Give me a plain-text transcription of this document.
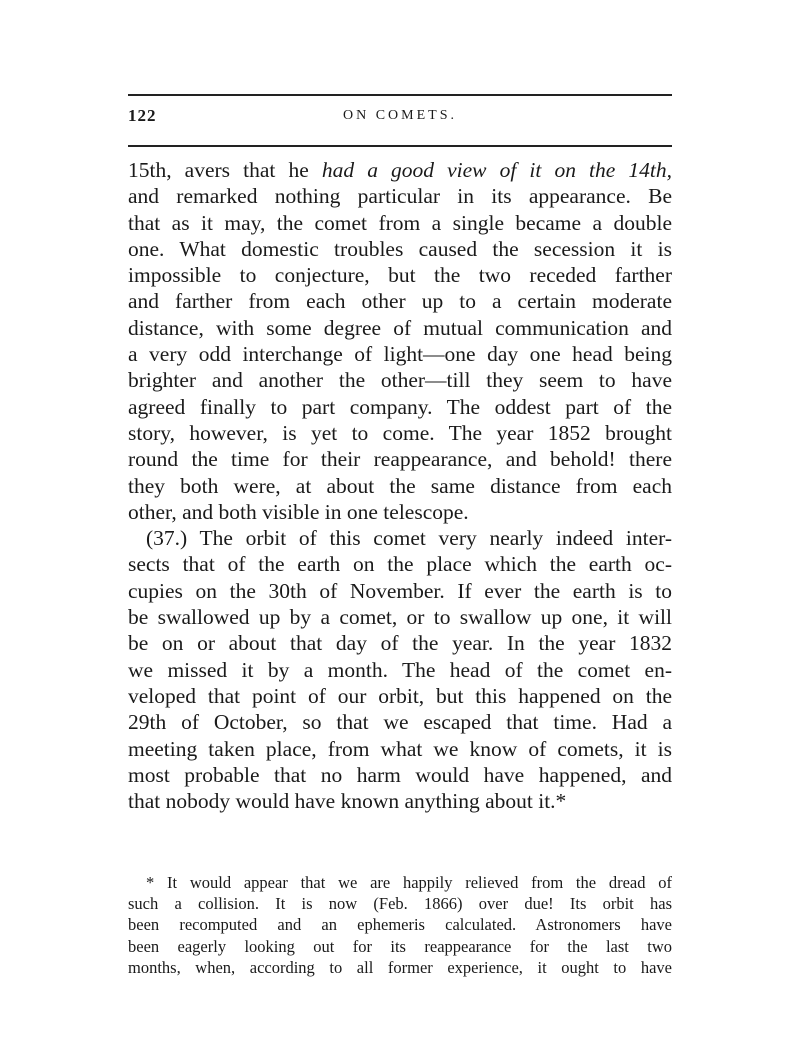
122	ON COMETS.
15th, avers that he had a good view of it on the 14th,
and remarked nothing particular in its appearance. Be
that as it may, the comet from a single became a double
one. What domestic troubles caused the secession it is
impossible to conjecture, but the two receded farther
and farther from each other up to a certain moderate
distance, with some degree of mutual communication and
a very odd interchange of light—one day one head being
brighter and another the other—till they seem to have
agreed finally to part company. The oddest part of the
story, however, is yet to come. The year 1852 brought
round the time for their reappearance, and behold! there
they both were, at about the same distance from each
other, and both visible in one telescope.
(37.) The orbit of this comet very nearly indeed inter-
sects that of the earth on the place which the earth oc-
cupies on the 30th of November. If ever the earth is to
be swallowed up by a comet, or to swallow up one, it will
be on or about that day of the year. In the year 1832
we missed it by a month. The head of the comet en-
veloped that point of our orbit, but this happened on the
29th of October, so that we escaped that time. Had a
meeting taken place, from what we know of comets, it is
most probable that no harm would have happened, and
that nobody would have known anything about it.*
* It would appear that we are happily relieved from the dread of
such a collision. It is now (Feb. 1866) over due! Its orbit has
been recomputed and an ephemeris calculated. Astronomers have
been eagerly looking out for its reappearance for the last two
months, when, according to all former experience, it ought to have
